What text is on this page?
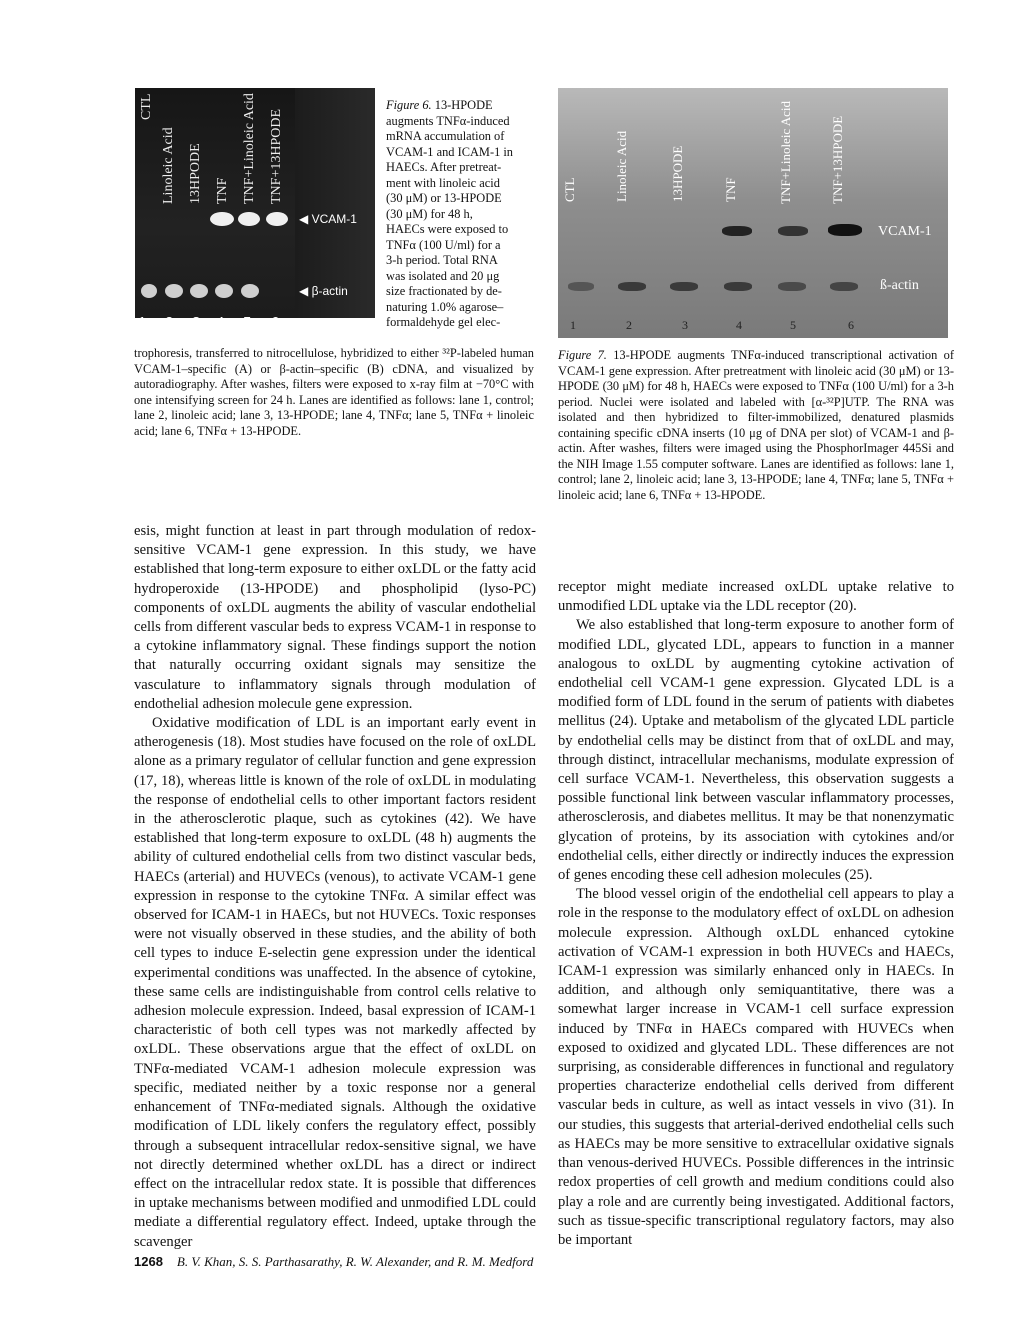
CTL
Linoleic Acid 13HPODE TNF TNF+Linoleic Acid TNF+13HPODE
◀ VCAM-1
◀ β-actin
1 2 3 4 5 6
Figure 6. 13-HPODE
augments TNFα-induced
mRNA accumulation of
VCAM-1 and ICAM-1 in
HAECs. After pretreat-
ment with linoleic acid
(30 μM) or 13-HPODE
(30 μM) for 48 h,
HAECs were exposed to
TNFα (100 U/ml) for a
3-h period. Total RNA
was isolated and 20 μg
size fractionated by de-
naturing 1.0% agarose–
formaldehyde gel elec-
trophoresis, transferred to nitrocellulose, hybridized to either ³²P-labeled human VCAM-1–specific (A) or β-actin–specific (B) cDNA, and visualized by autoradiography. After washes, filters were exposed to x-ray film at −70°C with one intensifying screen for 24 h. Lanes are identified as follows: lane 1, control; lane 2, linoleic acid; lane 3, 13-HPODE; lane 4, TNFα; lane 5, TNFα + linoleic acid; lane 6, TNFα + 13-HPODE.
CTL	Linoleic Acid	13HPODE	TNF	TNF+Linoleic Acid	TNF+13HPODE
VCAM-1
ß-actin
1	2	3	4	5	6
Figure 7. 13-HPODE augments TNFα-induced transcriptional activation of VCAM-1 gene expression. After pretreatment with linoleic acid (30 μM) or 13-HPODE (30 μM) for 48 h, HAECs were exposed to TNFα (100 U/ml) for a 3-h period. Nuclei were isolated and labeled with [α-³²P]UTP. The RNA was isolated and then hybridized to filter-immobilized, denatured plasmids containing specific cDNA inserts (10 μg of DNA per slot) of VCAM-1 and β-actin. After washes, filters were imaged using the PhosphorImager 445Si and the NIH Image 1.55 computer software. Lanes are identified as follows: lane 1, control; lane 2, linoleic acid; lane 3, 13-HPODE; lane 4, TNFα; lane 5, TNFα + linoleic acid; lane 6, TNFα + 13-HPODE.

esis, might function at least in part through modulation of redox-sensitive VCAM-1 gene expression. In this study, we have established that long-term exposure to either oxLDL or the fatty acid hydroperoxide (13-HPODE) and phospholipid (lyso-PC) components of oxLDL augments the ability of vascular endothelial cells from different vascular beds to express VCAM-1 in response to a cytokine inflammatory signal. These findings support the notion that naturally occurring oxidant signals may sensitize the vasculature to inflammatory signals through modulation of endothelial adhesion molecule gene expression.

Oxidative modification of LDL is an important early event in atherogenesis (18). Most studies have focused on the role of oxLDL alone as a primary regulator of cellular function and gene expression (17, 18), whereas little is known of the role of oxLDL in modulating the response of endothelial cells to other important factors resident in the atherosclerotic plaque, such as cytokines (42). We have established that long-term exposure to oxLDL (48 h) augments the ability of cultured endothelial cells from two distinct vascular beds, HAECs (arterial) and HUVECs (venous), to activate VCAM-1 gene expression in response to the cytokine TNFα. A similar effect was observed for ICAM-1 in HAECs, but not HUVECs. Toxic responses were not visually observed in these studies, and the ability of both cell types to induce E-selectin gene expression under the identical experimental conditions was unaffected. In the absence of cytokine, these same cells are indistinguishable from control cells relative to adhesion molecule expression. Indeed, basal expression of ICAM-1 characteristic of both cell types was not markedly affected by oxLDL. These observations argue that the effect of oxLDL on TNFα-mediated VCAM-1 adhesion molecule expression was specific, mediated neither by a toxic response nor a general enhancement of TNFα-mediated signals. Although the oxidative modification of LDL likely confers the regulatory effect, possibly through a subsequent intracellular redox-sensitive signal, we have not directly determined whether oxLDL has a direct or indirect effect on the intracellular redox state. It is possible that differences in uptake mechanisms between modified and unmodified LDL could mediate a differential regulatory effect. Indeed, uptake through the scavenger

receptor might mediate increased oxLDL uptake relative to unmodified LDL uptake via the LDL receptor (20).

We also established that long-term exposure to another form of modified LDL, glycated LDL, appears to function in a manner analogous to oxLDL by augmenting cytokine activation of endothelial cell VCAM-1 gene expression. Glycated LDL is a modified form of LDL found in the serum of patients with diabetes mellitus (24). Uptake and metabolism of the glycated LDL particle by endothelial cells may be distinct from that of oxLDL and may, through distinct, intracellular mechanisms, modulate expression of cell surface VCAM-1. Nevertheless, this observation suggests a possible functional link between vascular inflammatory processes, atherosclerosis, and diabetes mellitus. It may be that nonenzymatic glycation of proteins, by its association with cytokines and/or endothelial cells, either directly or indirectly induces the expression of genes encoding these cell adhesion molecules (25).

The blood vessel origin of the endothelial cell appears to play a role in the response to the modulatory effect of oxLDL on adhesion molecule expression. Although oxLDL enhanced cytokine activation of VCAM-1 expression in both HUVECs and HAECs, ICAM-1 expression was similarly enhanced only in HAECs. In addition, and although only semiquantitative, there was a somewhat larger increase in VCAM-1 cell surface expression induced by TNFα in HAECs compared with HUVECs when exposed to oxidized and glycated LDL. These differences are not surprising, as considerable differences in functional and regulatory properties characterize endothelial cells derived from different vascular beds in culture, as well as intact vessels in vivo (31). In our studies, this suggests that arterial-derived endothelial cells such as HAECs may be more sensitive to extracellular oxidative signals than venous-derived HUVECs. Possible differences in the intrinsic redox properties of cell growth and medium conditions could also play a role and are currently being investigated. Additional factors, such as tissue-specific transcriptional regulatory factors, may also be important

1268 B. V. Khan, S. S. Parthasarathy, R. W. Alexander, and R. M. Medford
